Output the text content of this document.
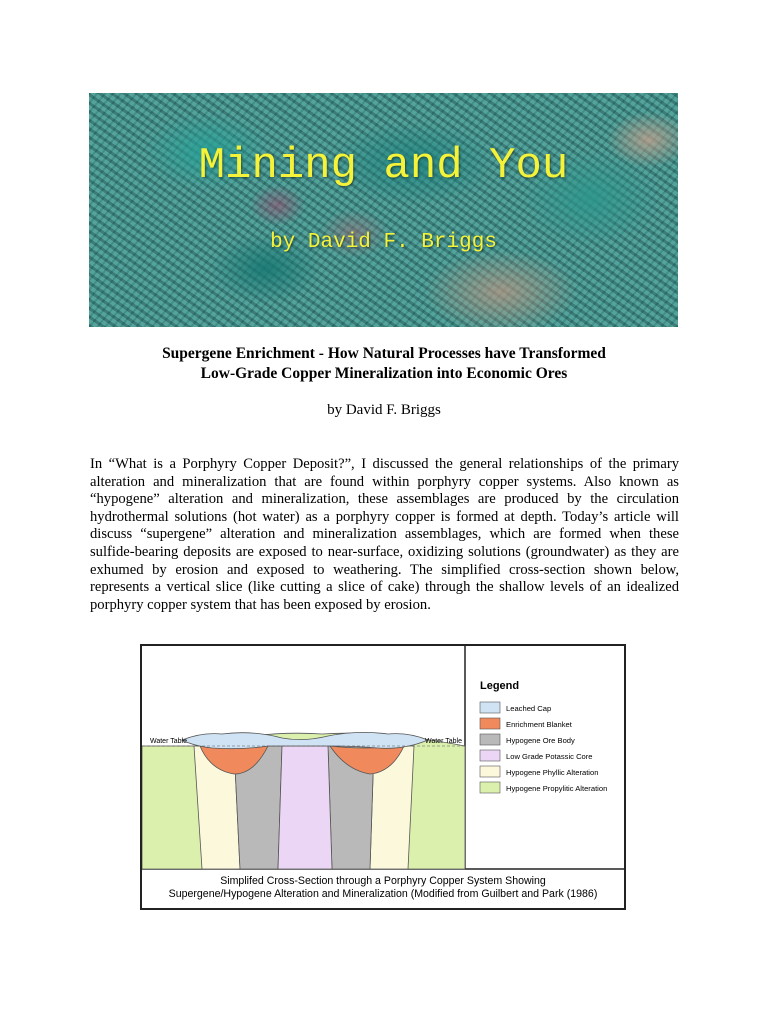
Mining and You
by David F. Briggs
Supergene Enrichment - How Natural Processes have Transformed
Low-Grade Copper Mineralization into Economic Ores
by David F. Briggs
In “What is a Porphyry Copper Deposit?”, I discussed the general relationships of the primary
alteration and mineralization that are found within porphyry copper systems. Also known as
“hypogene” alteration and mineralization, these assemblages are produced by the circulation
hydrothermal solutions (hot water) as a porphyry copper is formed at depth. Today’s article will
discuss “supergene” alteration and mineralization assemblages, which are formed when these
sulfide-bearing deposits are exposed to near-surface, oxidizing solutions (groundwater) as they are
exhumed by erosion and exposed to weathering. The simplified cross-section shown below,
represents a vertical slice (like cutting a slice of cake) through the shallow levels of an idealized
porphyry copper system that has been exposed by erosion.
Water Table	Water Table
Legend
Leached Cap
Enrichment Blanket
Hypogene Ore Body
Low Grade Potassic Core
Hypogene Phyllic Alteration
Hypogene Propylitic Alteration
Simplifed Cross-Section through a Porphyry Copper System Showing
Supergene/Hypogene Alteration and Mineralization (Modified from Guilbert and Park (1986)
